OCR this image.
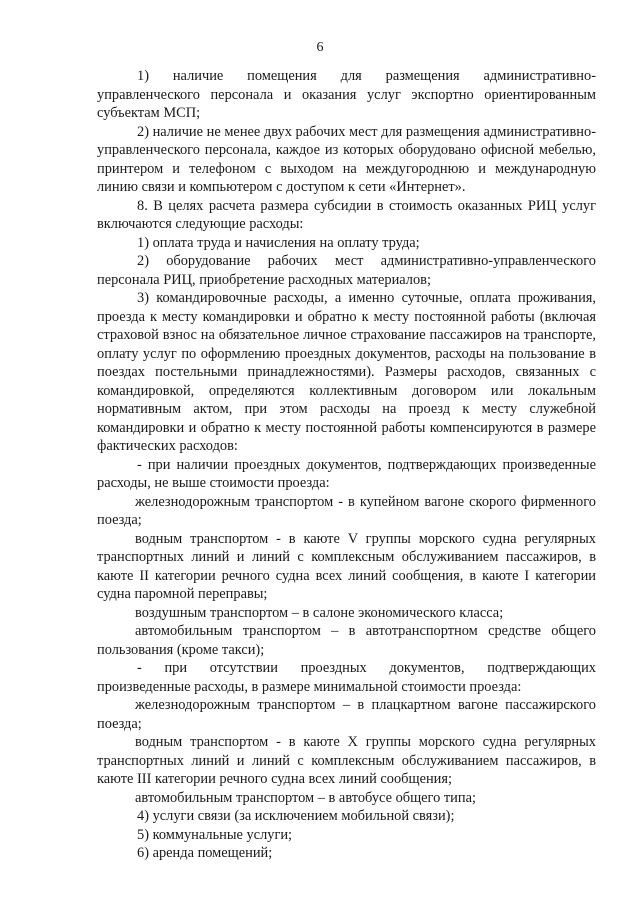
6

1) наличие помещения для размещения административно-управленческого персонала и оказания услуг экспортно ориентированным субъектам МСП;

2) наличие не менее двух рабочих мест для размещения административно-управленческого персонала, каждое из которых оборудовано офисной мебелью, принтером и телефоном с выходом на междугороднюю и международную линию связи и компьютером с доступом к сети «Интернет».

8. В целях расчета размера субсидии в стоимость оказанных РИЦ услуг включаются следующие расходы:

1) оплата труда и начисления на оплату труда;

2) оборудование рабочих мест административно-управленческого персонала РИЦ, приобретение расходных материалов;

3) командировочные расходы, а именно суточные, оплата проживания, проезда к месту командировки и обратно к месту постоянной работы (включая страховой взнос на обязательное личное страхование пассажиров на транспорте, оплату услуг по оформлению проездных документов, расходы на пользование в поездах постельными принадлежностями). Размеры расходов, связанных с командировкой, определяются коллективным договором или локальным нормативным актом, при этом расходы на проезд к месту служебной командировки и обратно к месту постоянной работы компенсируются в размере фактических расходов:

- при наличии проездных документов, подтверждающих произведенные расходы, не выше стоимости проезда:

железнодорожным транспортом - в купейном вагоне скорого фирменного поезда;

водным транспортом - в каюте V группы морского судна регулярных транспортных линий и линий с комплексным обслуживанием пассажиров, в каюте II категории речного судна всех линий сообщения, в каюте I категории судна паромной переправы;

воздушным транспортом – в салоне экономического класса;

автомобильным транспортом – в автотранспортном средстве общего пользования (кроме такси);

- при отсутствии проездных документов, подтверждающих произведенные расходы, в размере минимальной стоимости проезда:

железнодорожным транспортом – в плацкартном вагоне пассажирского поезда;

водным транспортом - в каюте X группы морского судна регулярных транспортных линий и линий с комплексным обслуживанием пассажиров, в каюте III категории речного судна всех линий сообщения;

автомобильным транспортом – в автобусе общего типа;

4) услуги связи (за исключением мобильной связи);

5) коммунальные услуги;

6) аренда помещений;
